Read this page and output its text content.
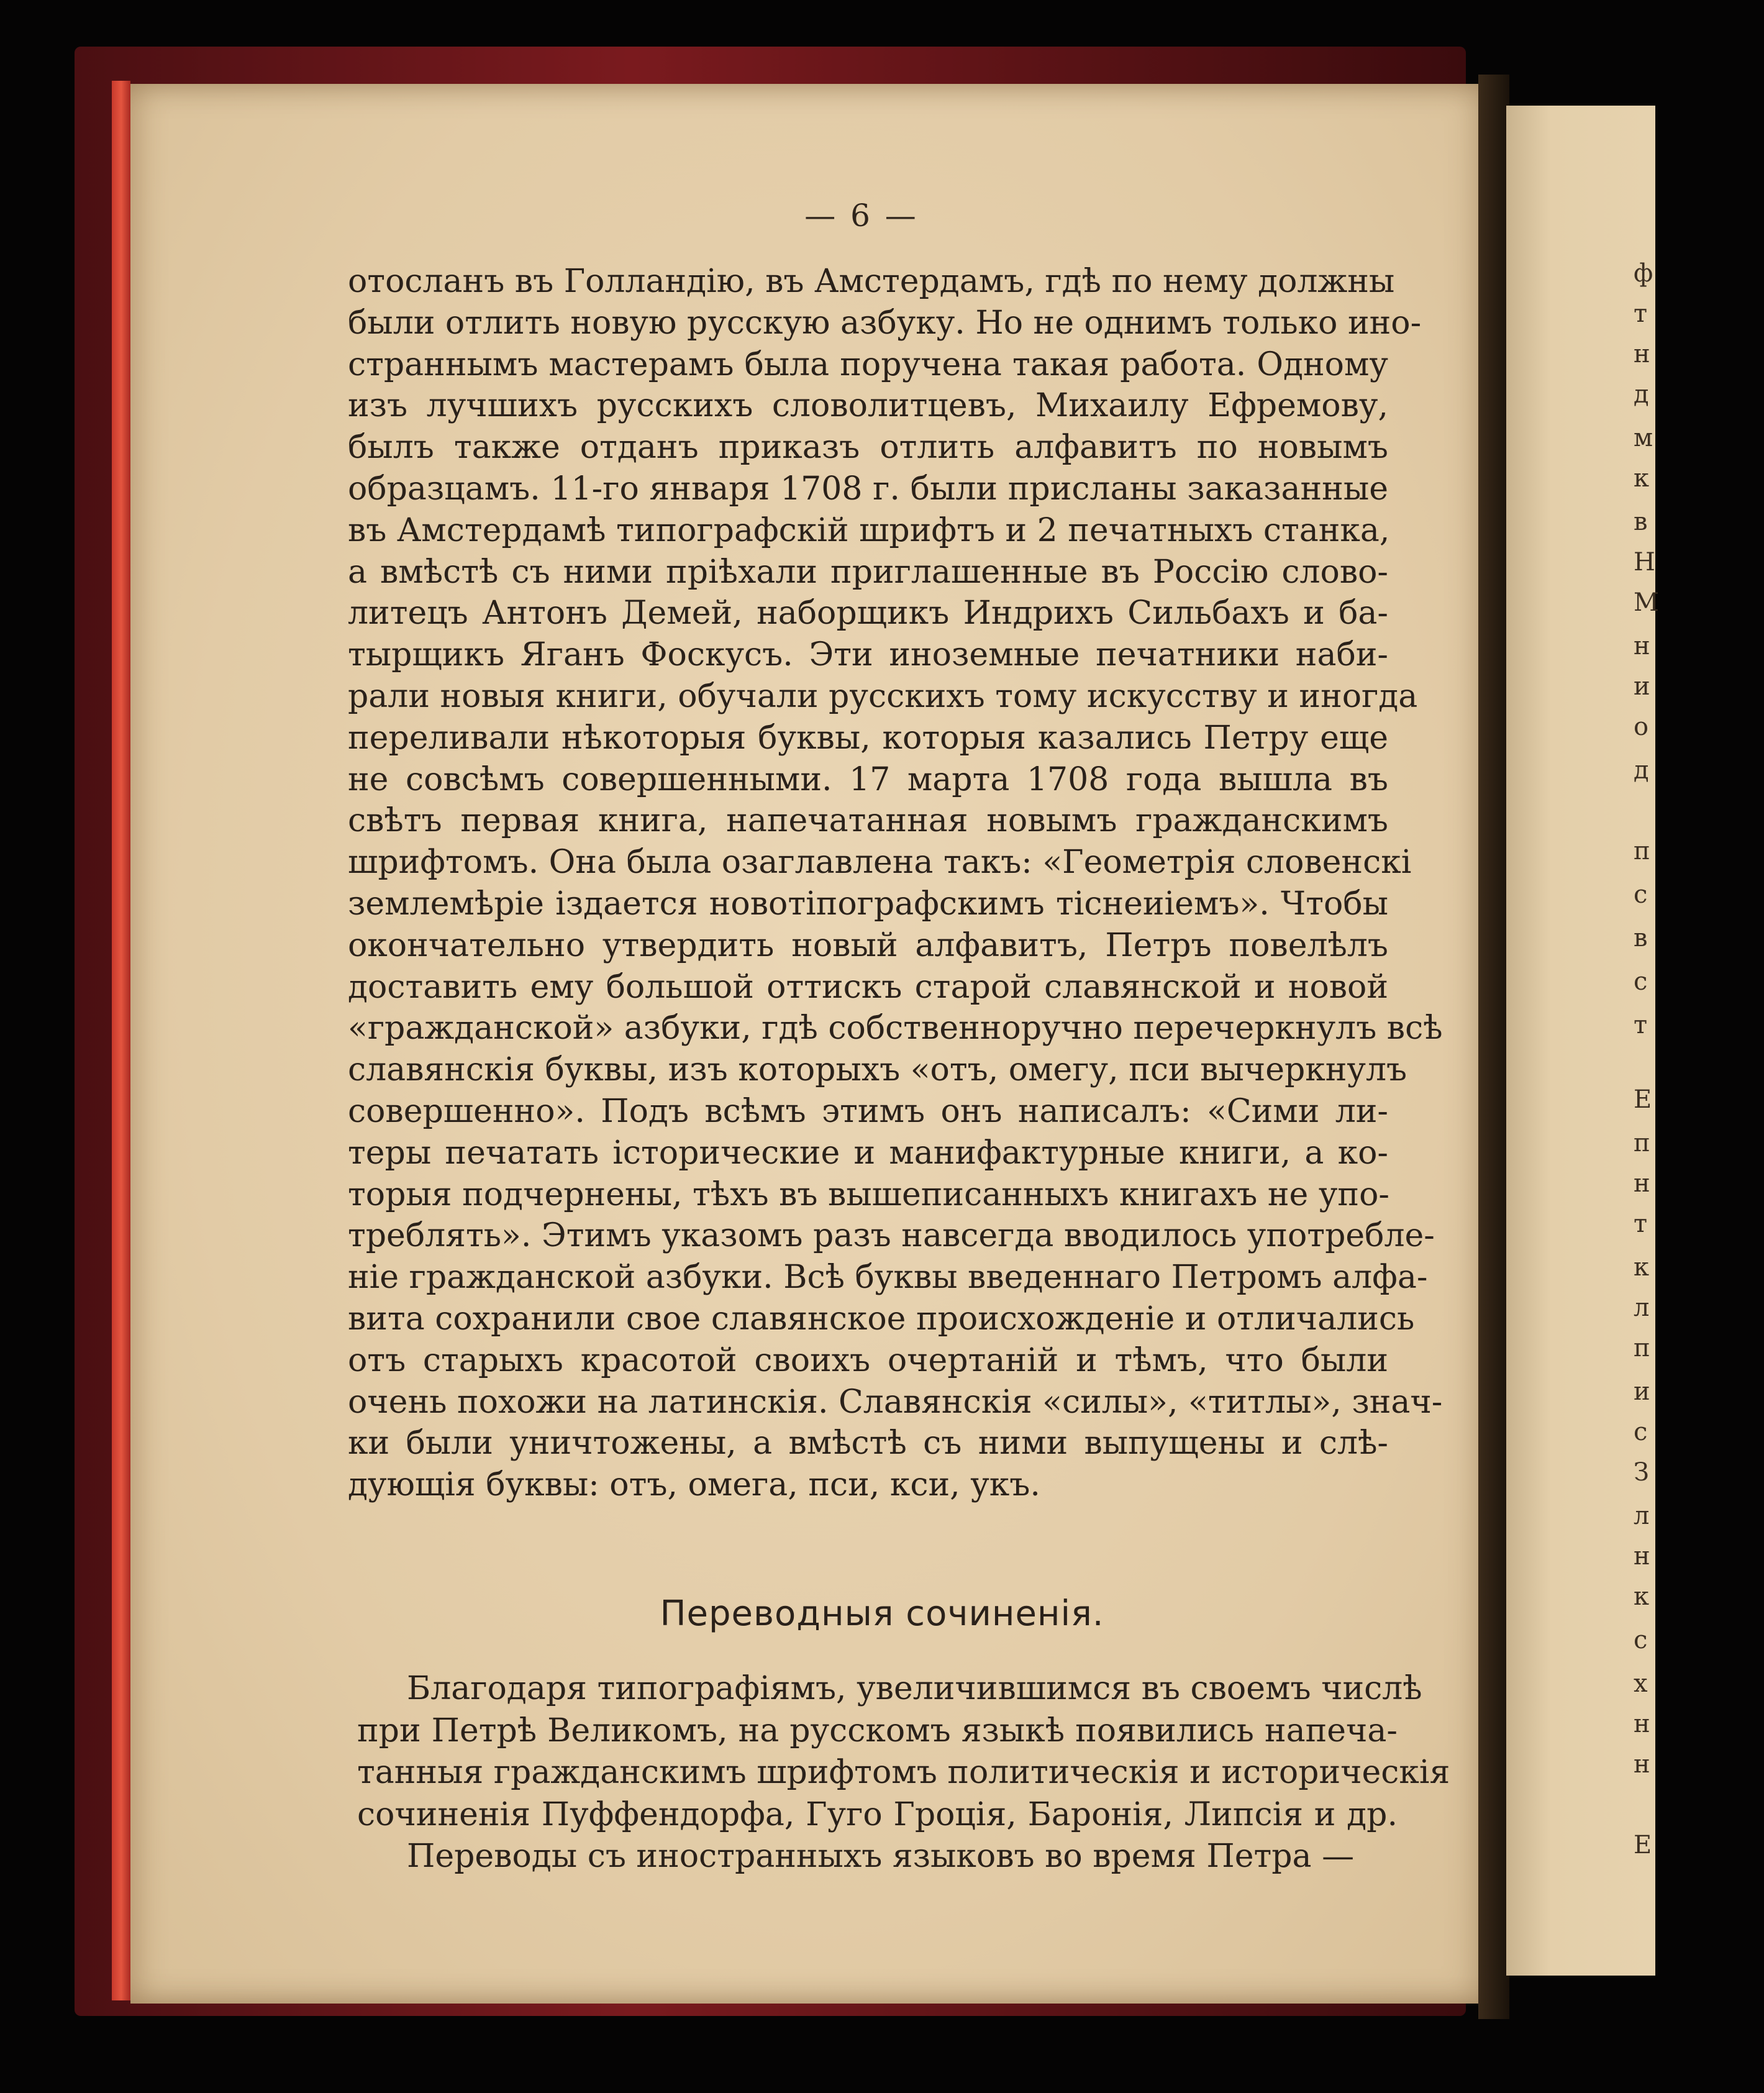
ф
т
н
д
м
к
в
Н
М
н
и
о
д
п
с
в
с
т
Е
п
н
т
к
л
п
и
с
З
л
н
к
с
х
н
н
Е
— 6 —
отосланъ въ Голландію, въ Амстердамъ, гдѣ по нему должны
были отлить новую русскую азбуку. Но не однимъ только ино-
страннымъ мастерамъ была поручена такая работа. Одному
изъ лучшихъ русскихъ словолитцевъ, Михаилу Ефремову,
былъ также отданъ приказъ отлить алфавитъ по новымъ
образцамъ. 11-го января 1708 г. были присланы заказанные
въ Амстердамѣ типографскій шрифтъ и 2 печатныхъ станка,
а вмѣстѣ съ ними пріѣхали приглашенные въ Россію слово-
литецъ Антонъ Демей, наборщикъ Индрихъ Сильбахъ и ба-
тырщикъ Яганъ Фоскусъ. Эти иноземные печатники наби-
рали новыя книги, обучали русскихъ тому искусству и иногда
переливали нѣкоторыя буквы, которыя казались Петру еще
не совсѣмъ совершенными. 17 марта 1708 года вышла въ
свѣтъ первая книга, напечатанная новымъ гражданскимъ
шрифтомъ. Она была озаглавлена такъ: «Геометрія словенскі
землемѣріе іздается новотіпографскимъ тіснеиіемъ». Чтобы
окончательно утвердить новый алфавитъ, Петръ повелѣлъ
доставить ему большой оттискъ старой славянской и новой
«гражданской» азбуки, гдѣ собственноручно перечеркнулъ всѣ
славянскія буквы, изъ которыхъ «отъ, омегу, пси вычеркнулъ
совершенно». Подъ всѣмъ этимъ онъ написалъ: «Сими ли-
теры печатать історические и манифактурные книги, а ко-
торыя подчернены, тѣхъ въ вышеписанныхъ книгахъ не упо-
треблять». Этимъ указомъ разъ навсегда вводилось употребле-
ніе гражданской азбуки. Всѣ буквы введеннаго Петромъ алфа-
вита сохранили свое славянское происхожденіе и отличались
отъ старыхъ красотой своихъ очертаній и тѣмъ, что были
очень похожи на латинскія. Славянскія «силы», «титлы», знач-
ки были уничтожены, а вмѣстѣ съ ними выпущены и слѣ-
дующія буквы: отъ, омега, пси, кси, укъ.
Переводныя сочиненія.
Благодаря типографіямъ, увеличившимся въ своемъ числѣ
при Петрѣ Великомъ, на русскомъ языкѣ появились напеча-
танныя гражданскимъ шрифтомъ политическія и историческія
сочиненія Пуффендорфа, Гуго Гроція, Баронія, Липсія и др.
Переводы съ иностранныхъ языковъ во время Петра —
